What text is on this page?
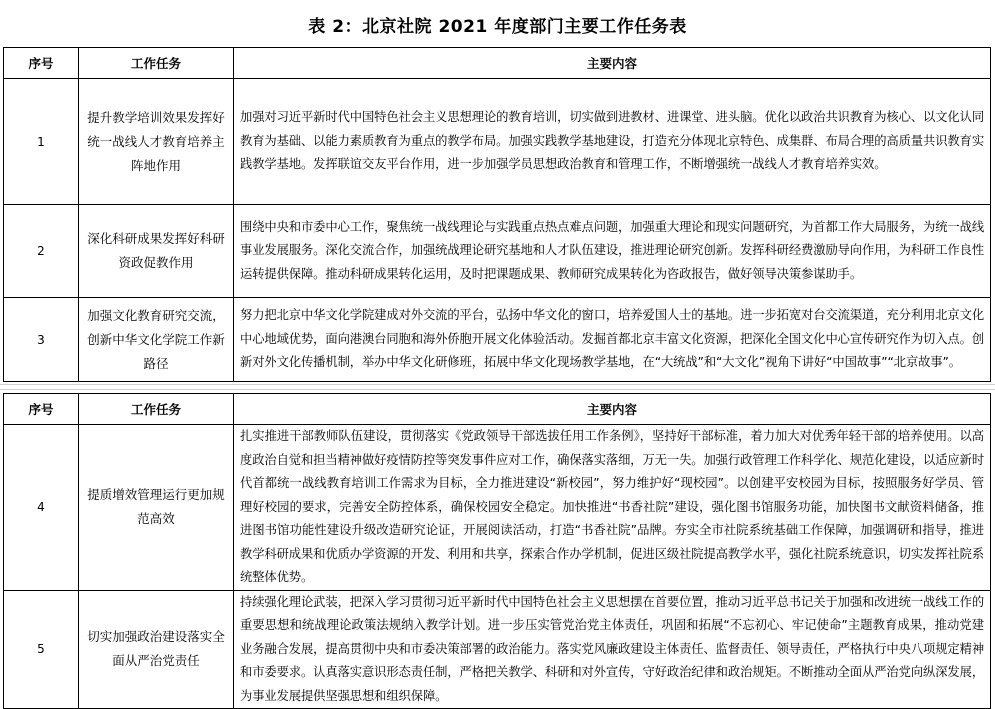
表 2：北京社院 2021 年度部门主要工作任务表
序号	工作任务	主要内容
1	提升教学培训效果发挥好统一战线人才教育培养主阵地作用	加强对习近平新时代中国特色社会主义思想理论的教育培训，切实做到进教材、进课堂、进头脑。优化以政治共识教育为核心、以文化认同教育为基础、以能力素质教育为重点的教学布局。加强实践教学基地建设，打造充分体现北京特色、成集群、布局合理的高质量共识教育实践教学基地。发挥联谊交友平台作用，进一步加强学员思想政治教育和管理工作，不断增强统一战线人才教育培养实效。
2	深化科研成果发挥好科研资政促教作用	围绕中央和市委中心工作，聚焦统一战线理论与实践重点热点难点问题，加强重大理论和现实问题研究，为首都工作大局服务，为统一战线事业发展服务。深化交流合作，加强统战理论研究基地和人才队伍建设，推进理论研究创新。发挥科研经费激励导向作用，为科研工作良性运转提供保障。推动科研成果转化运用，及时把课题成果、教师研究成果转化为咨政报告，做好领导决策参谋助手。
3	加强文化教育研究交流，创新中华文化学院工作新路径	努力把北京中华文化学院建成对外交流的平台，弘扬中华文化的窗口，培养爱国人士的基地。进一步拓宽对台交流渠道，充分利用北京文化中心地域优势，面向港澳台同胞和海外侨胞开展文化体验活动。发掘首都北京丰富文化资源，把深化全国文化中心宣传研究作为切入点。创新对外文化传播机制，举办中华文化研修班，拓展中华文化现场教学基地，在“大统战”和“大文化”视角下讲好“中国故事”“北京故事”。
序号	工作任务	主要内容
4	提质增效管理运行更加规范高效	扎实推进干部教师队伍建设，贯彻落实《党政领导干部选拔任用工作条例》，坚持好干部标准，着力加大对优秀年轻干部的培养使用。以高度政治自觉和担当精神做好疫情防控等突发事件应对工作，确保落实落细，万无一失。加强行政管理工作科学化、规范化建设，以适应新时代首都统一战线教育培训工作需求为目标，全力推进建设“新校园”，努力维护好“现校园”。以创建平安校园为目标，按照服务好学员、管理好校园的要求，完善安全防控体系，确保校园安全稳定。加快推进“书香社院”建设，强化图书馆服务功能，加快图书文献资料储备，推进图书馆功能性建设升级改造研究论证，开展阅读活动，打造“书香社院”品牌。夯实全市社院系统基础工作保障，加强调研和指导，推进教学科研成果和优质办学资源的开发、利用和共享，探索合作办学机制，促进区级社院提高教学水平，强化社院系统意识，切实发挥社院系统整体优势。
5	切实加强政治建设落实全面从严治党责任	持续强化理论武装，把深入学习贯彻习近平新时代中国特色社会主义思想摆在首要位置，推动习近平总书记关于加强和改进统一战线工作的重要思想和统战理论政策法规纳入教学计划。进一步压实管党治党主体责任，巩固和拓展“不忘初心、牢记使命”主题教育成果，推动党建业务融合发展，提高贯彻中央和市委决策部署的政治能力。落实党风廉政建设主体责任、监督责任、领导责任，严格执行中央八项规定精神和市委要求。认真落实意识形态责任制，严格把关教学、科研和对外宣传，守好政治纪律和政治规矩。不断推动全面从严治党向纵深发展，为事业发展提供坚强思想和组织保障。
